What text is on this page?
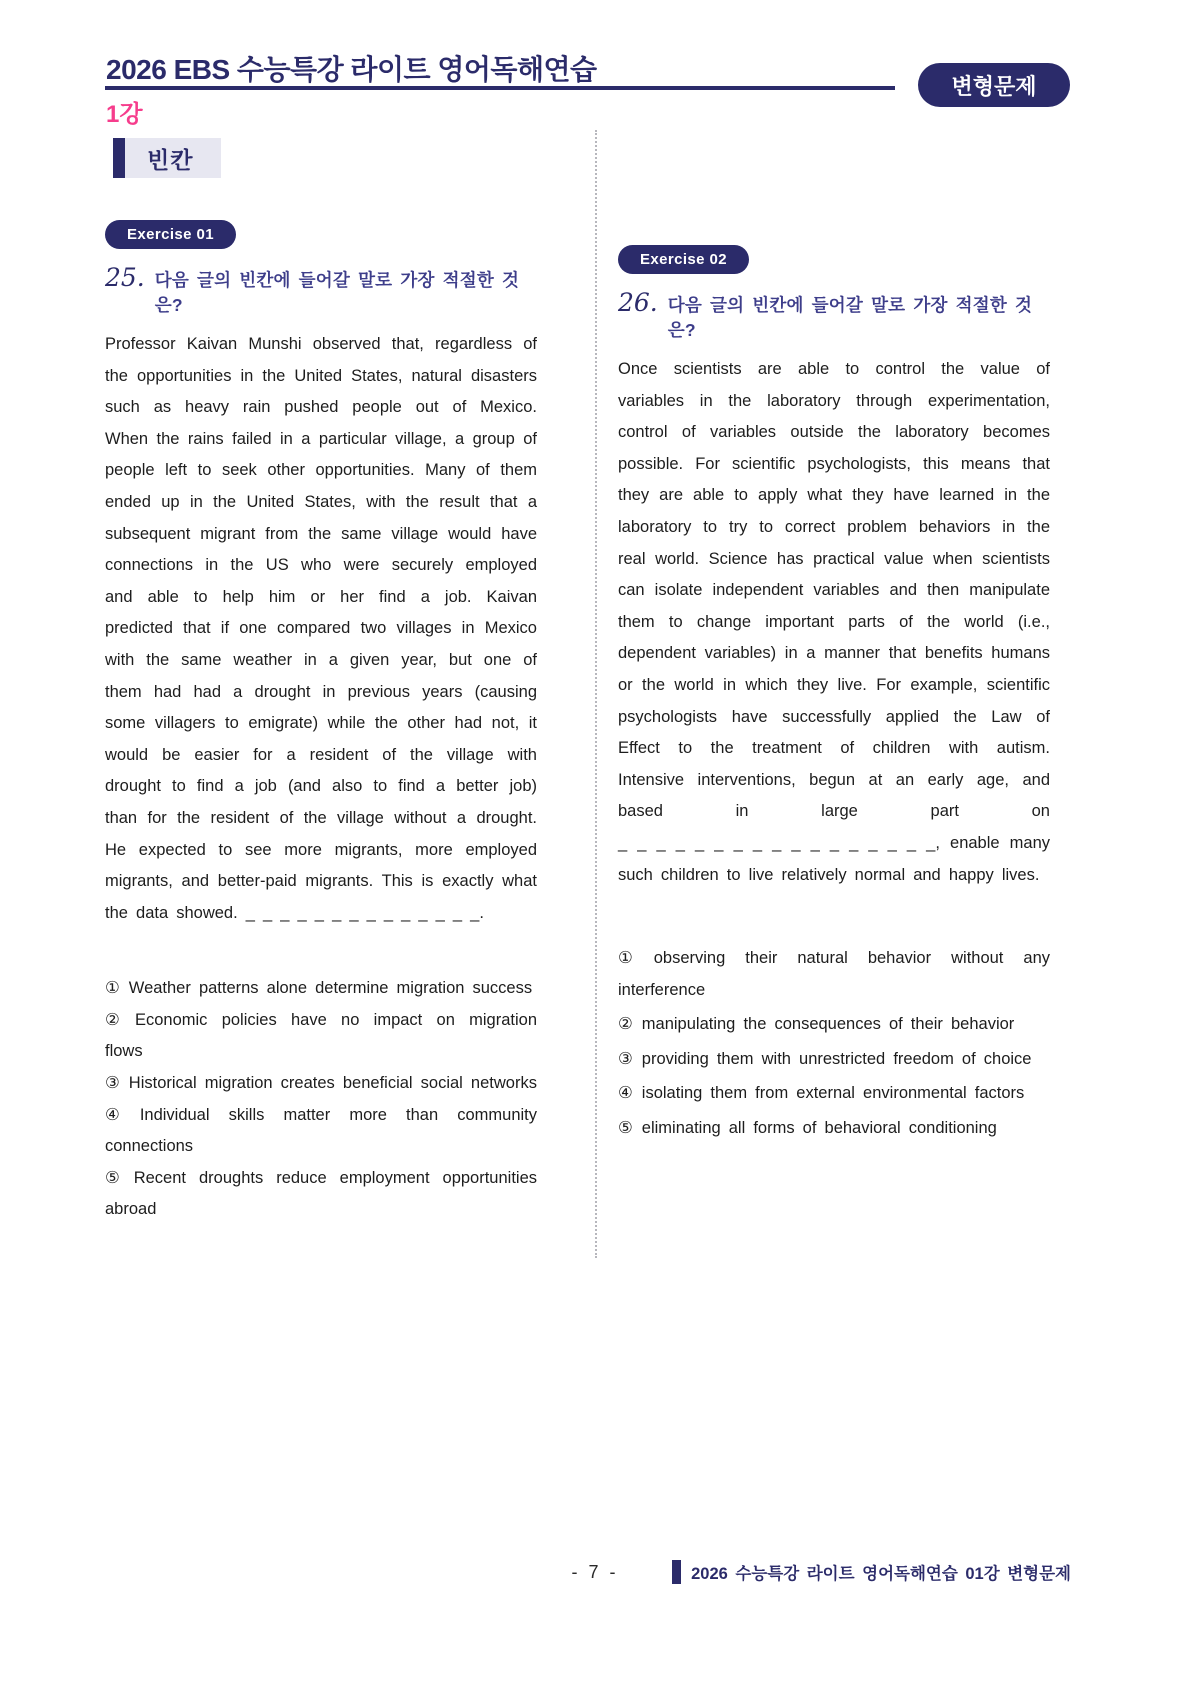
2026 EBS 수능특강 라이트 영어독해연습
변형문제
1강
빈칸
Exercise 01
25. 다음 글의 빈칸에 들어갈 말로 가장 적절한 것은?

Professor Kaivan Munshi observed that, regardless of the opportunities in the United States, natural disasters such as heavy rain pushed people out of Mexico. When the rains failed in a particular village, a group of people left to seek other opportunities. Many of them ended up in the United States, with the result that a subsequent migrant from the same village would have connections in the US who were securely employed and able to help him or her find a job. Kaivan predicted that if one compared two villages in Mexico with the same weather in a given year, but one of them had had a drought in previous years (causing some villagers to emigrate) while the other had not, it would be easier for a resident of the village with drought to find a job (and also to find a better job) than for the resident of the village without a drought. He expected to see more migrants, more employed migrants, and better-paid migrants. This is exactly what the data showed. _ _ _ _ _ _ _ _ _ _ _ _ _ _.

① Weather patterns alone determine migration success

② Economic policies have no impact on migration flows

③ Historical migration creates beneficial social networks

④ Individual skills matter more than community connections

⑤ Recent droughts reduce employment opportunities abroad

Exercise 02
26. 다음 글의 빈칸에 들어갈 말로 가장 적절한 것은?

Once scientists are able to control the value of variables in the laboratory through experimentation, control of variables outside the laboratory becomes possible. For scientific psychologists, this means that they are able to apply what they have learned in the laboratory to try to correct problem behaviors in the real world. Science has practical value when scientists can isolate independent variables and then manipulate them to change important parts of the world (i.e., dependent variables) in a manner that benefits humans or the world in which they live. For example, scientific psychologists have successfully applied the Law of Effect to the treatment of children with autism. Intensive interventions, begun at an early age, and based in large part on _ _ _ _ _ _ _ _ _ _ _ _ _ _ _ _ _, enable many such children to live relatively normal and happy lives.

① observing their natural behavior without any interference

② manipulating the consequences of their behavior

③ providing them with unrestricted freedom of choice

④ isolating them from external environmental factors

⑤ eliminating all forms of behavioral conditioning

- 7 -	2026 수능특강 라이트 영어독해연습 01강 변형문제
